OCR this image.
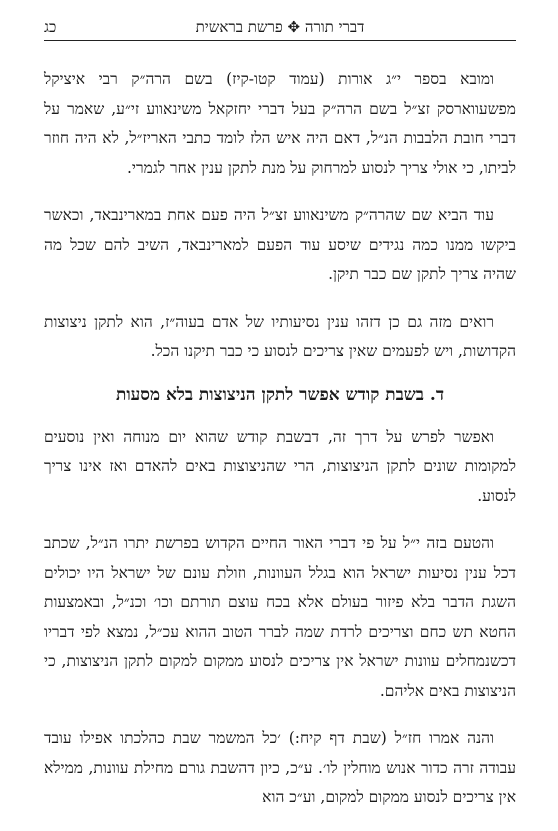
כג	דברי תורה ✥ פרשת בראשית

ומובא בספר י״ג אורות (עמוד קטו-קיז) בשם הרה״ק רבי איציקל מפשעווארסק זצ״ל בשם הרה״ק בעל דברי יחזקאל משינאווע זי״ע, שאמר על דברי חובת הלבבות הנ״ל, דאם היה איש הלז לומד כתבי האריז״ל, לא היה חוזר לביתו, כי אולי צריך לנסוע למרחוק על מנת לתקן ענין אחר לגמרי.

עוד הביא שם שהרה״ק משינאווע זצ״ל היה פעם אחת במארינבאד, וכאשר ביקשו ממנו כמה נגידים שיסע עוד הפעם למארינבאד, השיב להם שכל מה שהיה צריך לתקן שם כבר תיקן.

רואים מזה גם כן דזהו ענין נסיעותיו של אדם בעוה״ז, הוא לתקן ניצוצות הקדושות, ויש לפעמים שאין צריכים לנסוע כי כבר תיקנו הכל.

ד. בשבת קודש אפשר לתקן הניצוצות בלא מסעות

ואפשר לפרש על דרך זה, דבשבת קודש שהוא יום מנוחה ואין נוסעים למקומות שונים לתקן הניצוצות, הרי שהניצוצות באים להאדם ואז אינו צריך לנסוע.

והטעם בזה י״ל על פי דברי האור החיים הקדוש בפרשת יתרו הנ״ל, שכתב דכל ענין נסיעות ישראל הוא בגלל העוונות, וזולת עונם של ישראל היו יכולים השגת הדבר בלא פיזור בעולם אלא בכח עוצם תורתם וכו׳ וכנ״ל, ובאמצעות החטא תש כחם וצריכים לרדת שמה לברר הטוב ההוא עכ״ל, נמצא לפי דבריו דכשנמחלים עוונות ישראל אין צריכים לנסוע ממקום למקום לתקן הניצוצות, כי הניצוצות באים אליהם.

והנה אמרו חז״ל (שבת דף קיח:) ׳כל המשמר שבת כהלכתו אפילו עובד עבודה זרה כדור אנוש מוחלין לו׳. ע״כ, כיון דהשבת גורם מחילת עוונות, ממילא אין צריכים לנסוע ממקום למקום, וע״כ הוא
